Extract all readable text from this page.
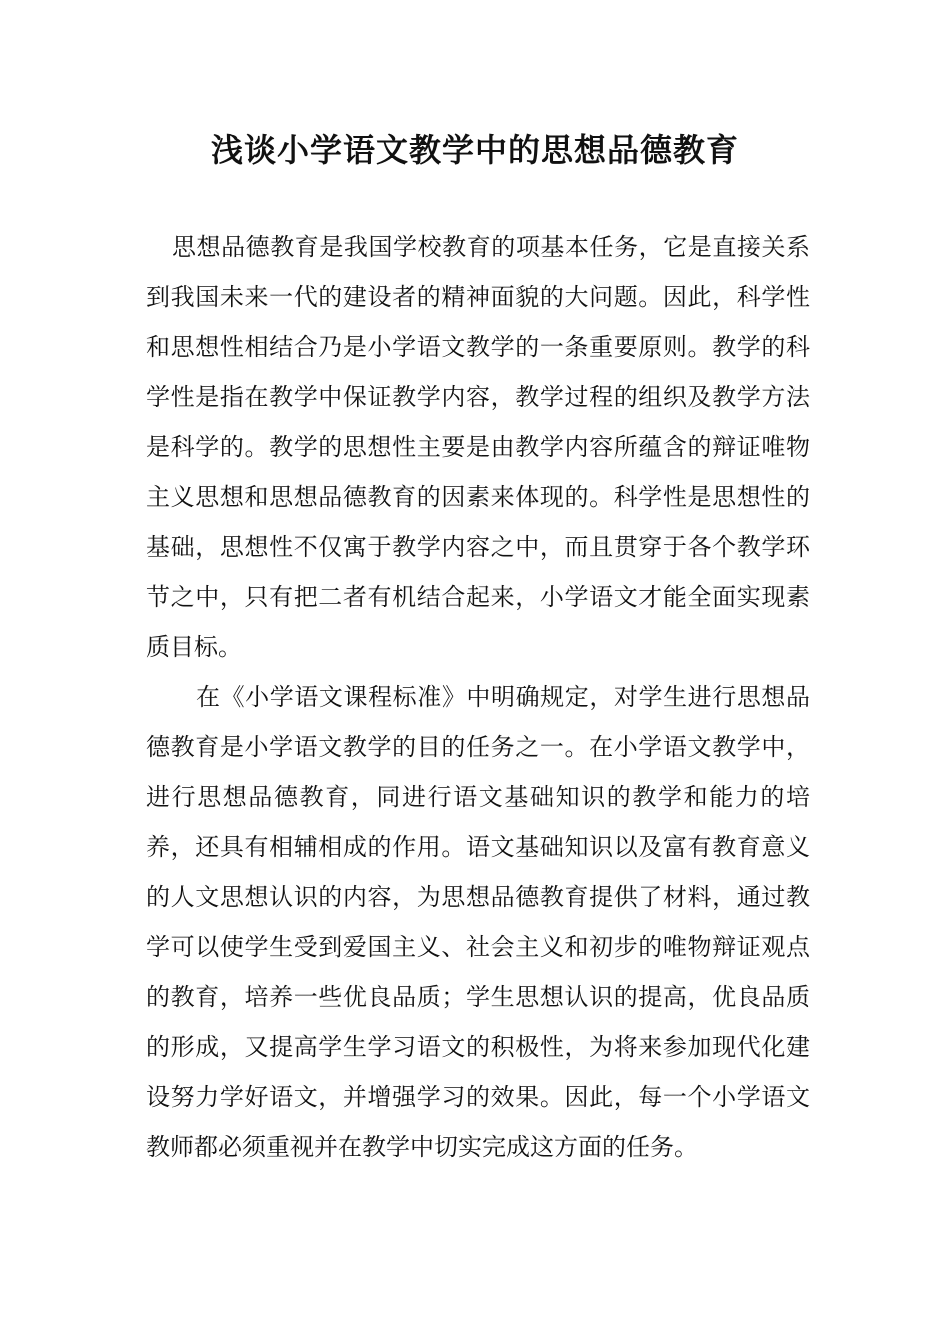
浅谈小学语文教学中的思想品德教育

思想品德教育是我国学校教育的项基本任务，它是直接关系到我国未来一代的建设者的精神面貌的大问题。因此，科学性和思想性相结合乃是小学语文教学的一条重要原则。教学的科学性是指在教学中保证教学内容，教学过程的组织及教学方法是科学的。教学的思想性主要是由教学内容所蕴含的辩证唯物主义思想和思想品德教育的因素来体现的。科学性是思想性的基础，思想性不仅寓于教学内容之中，而且贯穿于各个教学环节之中，只有把二者有机结合起来，小学语文才能全面实现素质目标。

在《小学语文课程标准》中明确规定，对学生进行思想品德教育是小学语文教学的目的任务之一。在小学语文教学中，进行思想品德教育，同进行语文基础知识的教学和能力的培养，还具有相辅相成的作用。语文基础知识以及富有教育意义的人文思想认识的内容，为思想品德教育提供了材料，通过教学可以使学生受到爱国主义、社会主义和初步的唯物辩证观点的教育，培养一些优良品质；学生思想认识的提高，优良品质的形成，又提高学生学习语文的积极性，为将来参加现代化建设努力学好语文，并增强学习的效果。因此，每一个小学语文教师都必须重视并在教学中切实完成这方面的任务。
